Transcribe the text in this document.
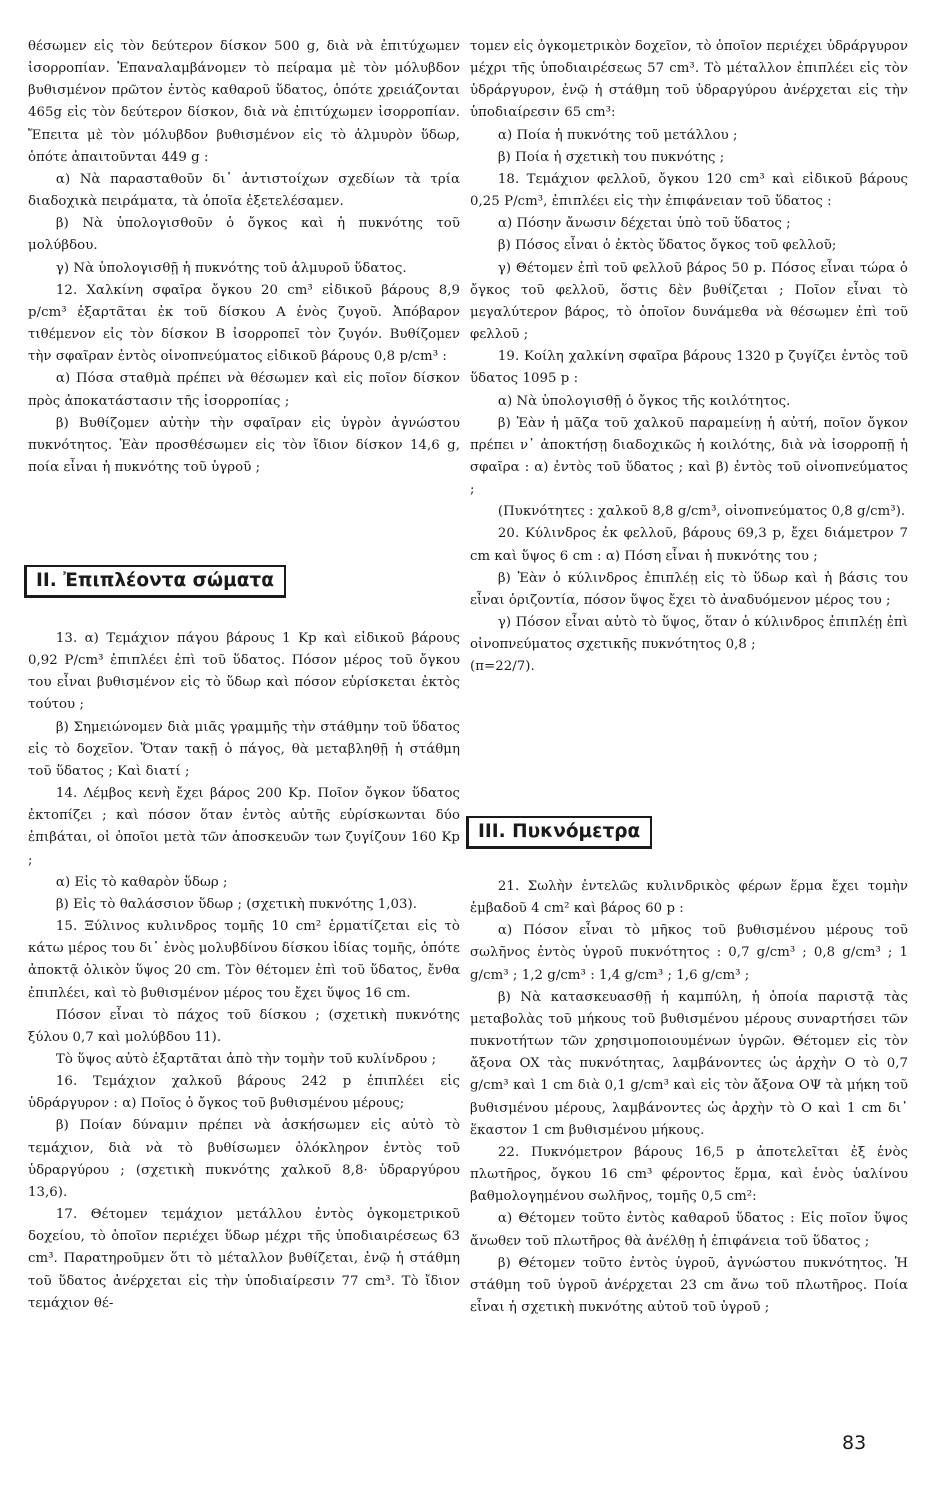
θέσωμεν εἰς τὸν δεύτερον δίσκον 500 g, διὰ νὰ ἐπιτύχωμεν ἰσορροπίαν. Ἐπαναλαμβάνομεν τὸ πείραμα μὲ τὸν μόλυβδον βυθισμένον πρῶτον ἐντὸς καθαροῦ ὕδατος, ὁπότε χρειάζονται 465g εἰς τὸν δεύτερον δίσκον, διὰ νὰ ἐπιτύχωμεν ἰσορροπίαν. Ἔπειτα μὲ τὸν μόλυβδον βυθισμένον εἰς τὸ ἁλμυρὸν ὕδωρ, ὁπότε ἀπαιτοῦνται 449 g :

α) Νὰ παρασταθοῦν δι᾽ ἀντιστοίχων σχεδίων τὰ τρία διαδοχικὰ πειράματα, τὰ ὁποῖα ἐξετελέσαμεν.

β) Νὰ ὑπολογισθοῦν ὁ ὄγκος καὶ ἡ πυκνότης τοῦ μολύβδου.

γ) Νὰ ὑπολογισθῇ ἡ πυκνότης τοῦ ἁλμυροῦ ὕδατος.

12. Χαλκίνη σφαῖρα ὄγκου 20 cm³ εἰδικοῦ βάρους 8,9 p/cm³ ἐξαρτᾶται ἐκ τοῦ δίσκου A ἑνὸς ζυγοῦ. Ἀπόβαρον τιθέμενον εἰς τὸν δίσκον B ἰσορροπεῖ τὸν ζυγόν. Βυθίζομεν τὴν σφαῖραν ἐντὸς οἰνοπνεύματος εἰδικοῦ βάρους 0,8 p/cm³ :

α) Πόσα σταθμὰ πρέπει νὰ θέσωμεν καὶ εἰς ποῖον δίσκον πρὸς ἀποκατάστασιν τῆς ἰσορροπίας ;

β) Βυθίζομεν αὐτὴν τὴν σφαῖραν εἰς ὑγρὸν ἀγνώστου πυκνότητος. Ἐὰν προσθέσωμεν εἰς τὸν ἴδιον δίσκον 14,6 g, ποία εἶναι ἡ πυκνότης τοῦ ὑγροῦ ;

II. Ἐπιπλέοντα σώματα

13. α) Τεμάχιον πάγου βάρους 1 Kp καὶ εἰδικοῦ βάρους 0,92 P/cm³ ἐπιπλέει ἐπὶ τοῦ ὕδατος. Πόσον μέρος τοῦ ὄγκου του εἶναι βυθισμένον εἰς τὸ ὕδωρ καὶ πόσον εὑρίσκεται ἐκτὸς τούτου ;

β) Σημειώνομεν διὰ μιᾶς γραμμῆς τὴν στάθμην τοῦ ὕδατος εἰς τὸ δοχεῖον. Ὅταν τακῇ ὁ πάγος, θὰ μεταβληθῇ ἡ στάθμη τοῦ ὕδατος ; Καὶ διατί ;

14. Λέμβος κενὴ ἔχει βάρος 200 Kp. Ποῖον ὄγκον ὕδατος ἐκτοπίζει ; καὶ πόσον ὅταν ἐντὸς αὐτῆς εὑρίσκωνται δύο ἐπιβάται, οἱ ὁποῖοι μετὰ τῶν ἀποσκευῶν των ζυγίζουν 160 Kp ;

α) Εἰς τὸ καθαρὸν ὕδωρ ;

β) Εἰς τὸ θαλάσσιον ὕδωρ ; (σχετικὴ πυκνότης 1,03).

15. Ξύλινος κυλινδρος τομῆς 10 cm² ἑρματίζεται εἰς τὸ κάτω μέρος του δι᾽ ἑνὸς μολυβδίνου δίσκου ἰδίας τομῆς, ὁπότε ἀποκτᾷ ὁλικὸν ὕψος 20 cm. Τὸν θέτομεν ἐπὶ τοῦ ὕδατος, ἔνθα ἐπιπλέει, καὶ τὸ βυθισμένον μέρος του ἔχει ὕψος 16 cm.

Πόσον εἶναι τὸ πάχος τοῦ δίσκου ; (σχετικὴ πυκνότης ξύλου 0,7 καὶ μολύβδου 11).

Τὸ ὕψος αὐτὸ ἐξαρτᾶται ἀπὸ τὴν τομὴν τοῦ κυλίνδρου ;

16. Τεμάχιον χαλκοῦ βάρους 242 p ἐπιπλέει εἰς ὑδράργυρον : α) Ποῖος ὁ ὄγκος τοῦ βυθισμένου μέρους;

β) Ποίαν δύναμιν πρέπει νὰ ἀσκήσωμεν εἰς αὐτὸ τὸ τεμάχιον, διὰ νὰ τὸ βυθίσωμεν ὁλόκληρον ἐντὸς τοῦ ὑδραργύρου ; (σχετικὴ πυκνότης χαλκοῦ 8,8· ὑδραργύρου 13,6).

17. Θέτομεν τεμάχιον μετάλλου ἐντὸς ὀγκομετρικοῦ δοχείου, τὸ ὁποῖον περιέχει ὕδωρ μέχρι τῆς ὑποδιαιρέσεως 63 cm³. Παρατηροῦμεν ὅτι τὸ μέταλλον βυθίζεται, ἐνῷ ἡ στάθμη τοῦ ὕδατος ἀνέρχεται εἰς τὴν ὑποδιαίρεσιν 77 cm³. Τὸ ἴδιον τεμάχιον θέ-

τομεν εἰς ὀγκομετρικὸν δοχεῖον, τὸ ὁποῖον περιέχει ὑδράργυρον μέχρι τῆς ὑποδιαιρέσεως 57 cm³. Τὸ μέταλλον ἐπιπλέει εἰς τὸν ὑδράργυρον, ἐνῷ ἡ στάθμη τοῦ ὑδραργύρου ἀνέρχεται εἰς τὴν ὑποδιαίρεσιν 65 cm³:

α) Ποία ἡ πυκνότης τοῦ μετάλλου ;

β) Ποία ἡ σχετικὴ του πυκνότης ;

18. Τεμάχιον φελλοῦ, ὄγκου 120 cm³ καὶ εἰδικοῦ βάρους 0,25 P/cm³, ἐπιπλέει εἰς τὴν ἐπιφάνειαν τοῦ ὕδατος :

α) Πόσην ἄνωσιν δέχεται ὑπὸ τοῦ ὕδατος ;

β) Πόσος εἶναι ὁ ἐκτὸς ὕδατος ὄγκος τοῦ φελλοῦ;

γ) Θέτομεν ἐπὶ τοῦ φελλοῦ βάρος 50 p. Πόσος εἶναι τώρα ὁ ὄγκος τοῦ φελλοῦ, ὅστις δὲν βυθίζεται ; Ποῖον εἶναι τὸ μεγαλύτερον βάρος, τὸ ὁποῖον δυνάμεθα νὰ θέσωμεν ἐπὶ τοῦ φελλοῦ ;

19. Κοίλη χαλκίνη σφαῖρα βάρους 1320 p ζυγίζει ἐντὸς τοῦ ὕδατος 1095 p :

α) Νὰ ὑπολογισθῇ ὁ ὄγκος τῆς κοιλότητος.

β) Ἐὰν ἡ μᾶζα τοῦ χαλκοῦ παραμείνῃ ἡ αὐτή, ποῖον ὄγκον πρέπει ν᾽ ἀποκτήσῃ διαδοχικῶς ἡ κοιλότης, διὰ νὰ ἰσορροπῇ ἡ σφαῖρα : α) ἐντὸς τοῦ ὕδατος ; καὶ β) ἐντὸς τοῦ οἰνοπνεύματος ;

(Πυκνότητες : χαλκοῦ 8,8 g/cm³, οἰνοπνεύματος 0,8 g/cm³).

20. Κύλινδρος ἐκ φελλοῦ, βάρους 69,3 p, ἔχει διάμετρον 7 cm καὶ ὕψος 6 cm : α) Πόση εἶναι ἡ πυκνότης του ;

β) Ἐὰν ὁ κύλινδρος ἐπιπλέῃ εἰς τὸ ὕδωρ καὶ ἡ βάσις του εἶναι ὁριζοντία, πόσον ὕψος ἔχει τὸ ἀναδυόμενον μέρος του ;

γ) Πόσον εἶναι αὐτὸ τὸ ὕψος, ὅταν ὁ κύλινδρος ἐπιπλέῃ ἐπὶ οἰνοπνεύματος σχετικῆς πυκνότητος 0,8 ;

(π=22/7).

III. Πυκνόμετρα

21. Σωλὴν ἐντελῶς κυλινδρικὸς φέρων ἕρμα ἔχει τομὴν ἐμβαδοῦ 4 cm² καὶ βάρος 60 p :

α) Πόσον εἶναι τὸ μῆκος τοῦ βυθισμένου μέρους τοῦ σωλῆνος ἐντὸς ὑγροῦ πυκνότητος : 0,7 g/cm³ ; 0,8 g/cm³ ; 1 g/cm³ ; 1,2 g/cm³ : 1,4 g/cm³ ; 1,6 g/cm³ ;

β) Νὰ κατασκευασθῇ ἡ καμπύλη, ἡ ὁποία παριστᾷ τὰς μεταβολὰς τοῦ μήκους τοῦ βυθισμένου μέρους συναρτήσει τῶν πυκνοτήτων τῶν χρησιμοποιουμένων ὑγρῶν. Θέτομεν εἰς τὸν ἄξονα OX τὰς πυκνότητας, λαμβάνοντες ὡς ἀρχὴν O τὸ 0,7 g/cm³ καὶ 1 cm διὰ 0,1 g/cm³ καὶ εἰς τὸν ἄξονα OΨ τὰ μήκη τοῦ βυθισμένου μέρους, λαμβάνοντες ὡς ἀρχὴν τὸ O καὶ 1 cm δι᾽ ἕκαστον 1 cm βυθισμένου μήκους.

22. Πυκνόμετρον βάρους 16,5 p ἀποτελεῖται ἐξ ἑνὸς πλωτῆρος, ὄγκου 16 cm³ φέροντος ἕρμα, καὶ ἑνὸς ὑαλίνου βαθμολογημένου σωλῆνος, τομῆς 0,5 cm²:

α) Θέτομεν τοῦτο ἐντὸς καθαροῦ ὕδατος : Εἰς ποῖον ὕψος ἄνωθεν τοῦ πλωτῆρος θὰ ἀνέλθῃ ἡ ἐπιφάνεια τοῦ ὕδατος ;

β) Θέτομεν τοῦτο ἐντὸς ὑγροῦ, ἀγνώστου πυκνότητος. Ἡ στάθμη τοῦ ὑγροῦ ἀνέρχεται 23 cm ἄνω τοῦ πλωτῆρος. Ποία εἶναι ἡ σχετικὴ πυκνότης αὐτοῦ τοῦ ὑγροῦ ;

83
